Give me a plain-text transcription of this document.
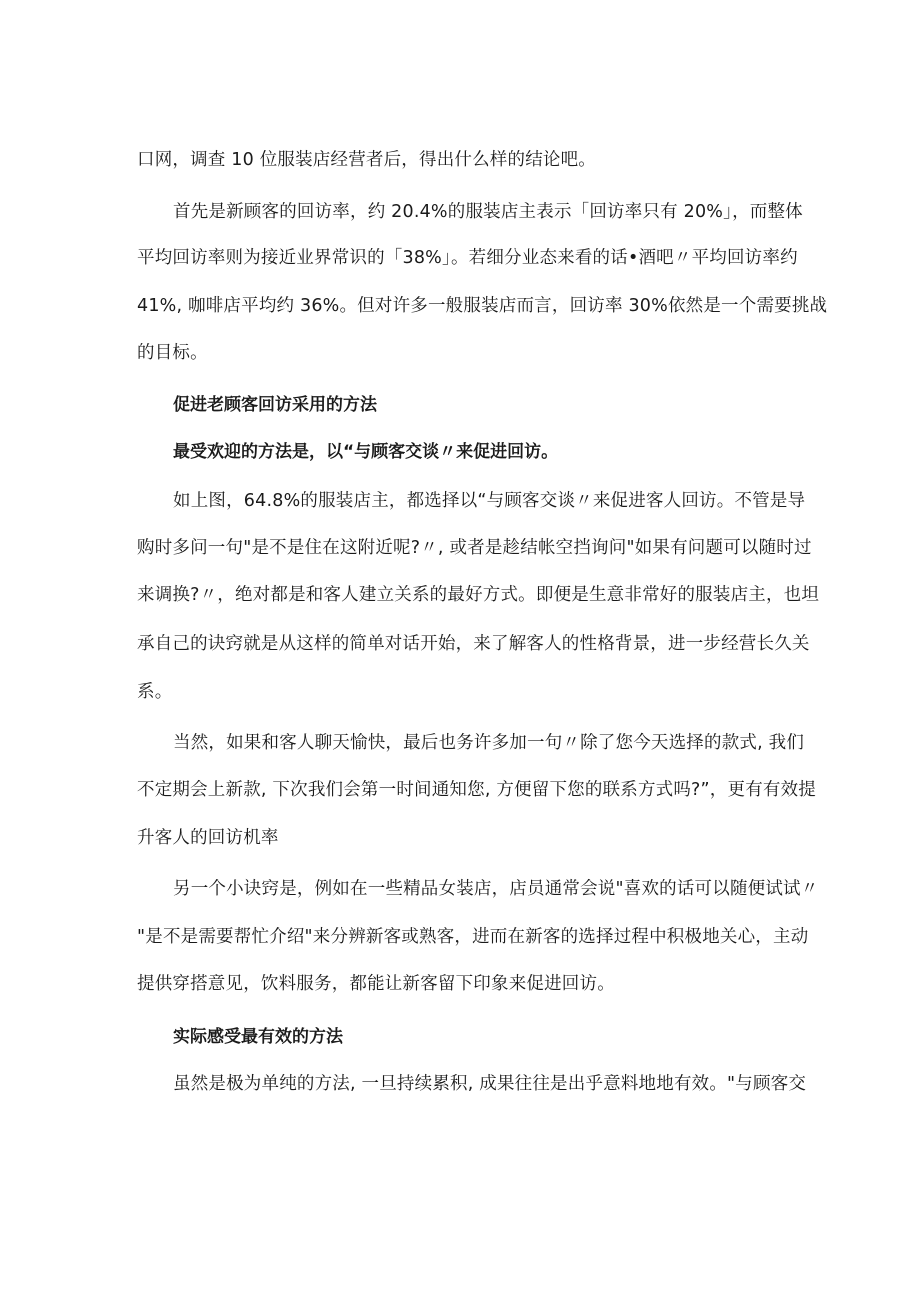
口网，调查 10 位服装店经营者后，得出什么样的结论吧。
首先是新顾客的回访率，约 20.4%的服装店主表示「回访率只有 20%」，而整体
平均回访率则为接近业界常识的「38%」。若细分业态来看的话•酒吧〃平均回访率约
41%, 咖啡店平均约 36%。但对许多一般服装店而言，回访率 30%依然是一个需要挑战
的目标。
促进老顾客回访采用的方法
最受欢迎的方法是，以“与顾客交谈〃来促进回访。
如上图，64.8%的服装店主，都选择以“与顾客交谈〃来促进客人回访。不管是导
购时多问一句"是不是住在这附近呢?〃, 或者是趁结帐空挡询问"如果有问题可以随时过
来调换?〃，绝对都是和客人建立关系的最好方式。即便是生意非常好的服装店主，也坦
承自己的诀窍就是从这样的简单对话开始，来了解客人的性格背景，进一步经营长久关
系。
当然，如果和客人聊天愉快，最后也务许多加一句〃除了您今天选择的款式, 我们
不定期会上新款, 下次我们会第一时间通知您, 方便留下您的联系方式吗?”，更有有效提
升客人的回访机率
另一个小诀窍是，例如在一些精品女装店，店员通常会说"喜欢的话可以随便试试〃
"是不是需要帮忙介绍"来分辨新客或熟客，进而在新客的选择过程中积极地关心，主动
提供穿搭意见，饮料服务，都能让新客留下印象来促进回访。
实际感受最有效的方法
虽然是极为单纯的方法, 一旦持续累积, 成果往往是出乎意料地地有效。"与顾客交
